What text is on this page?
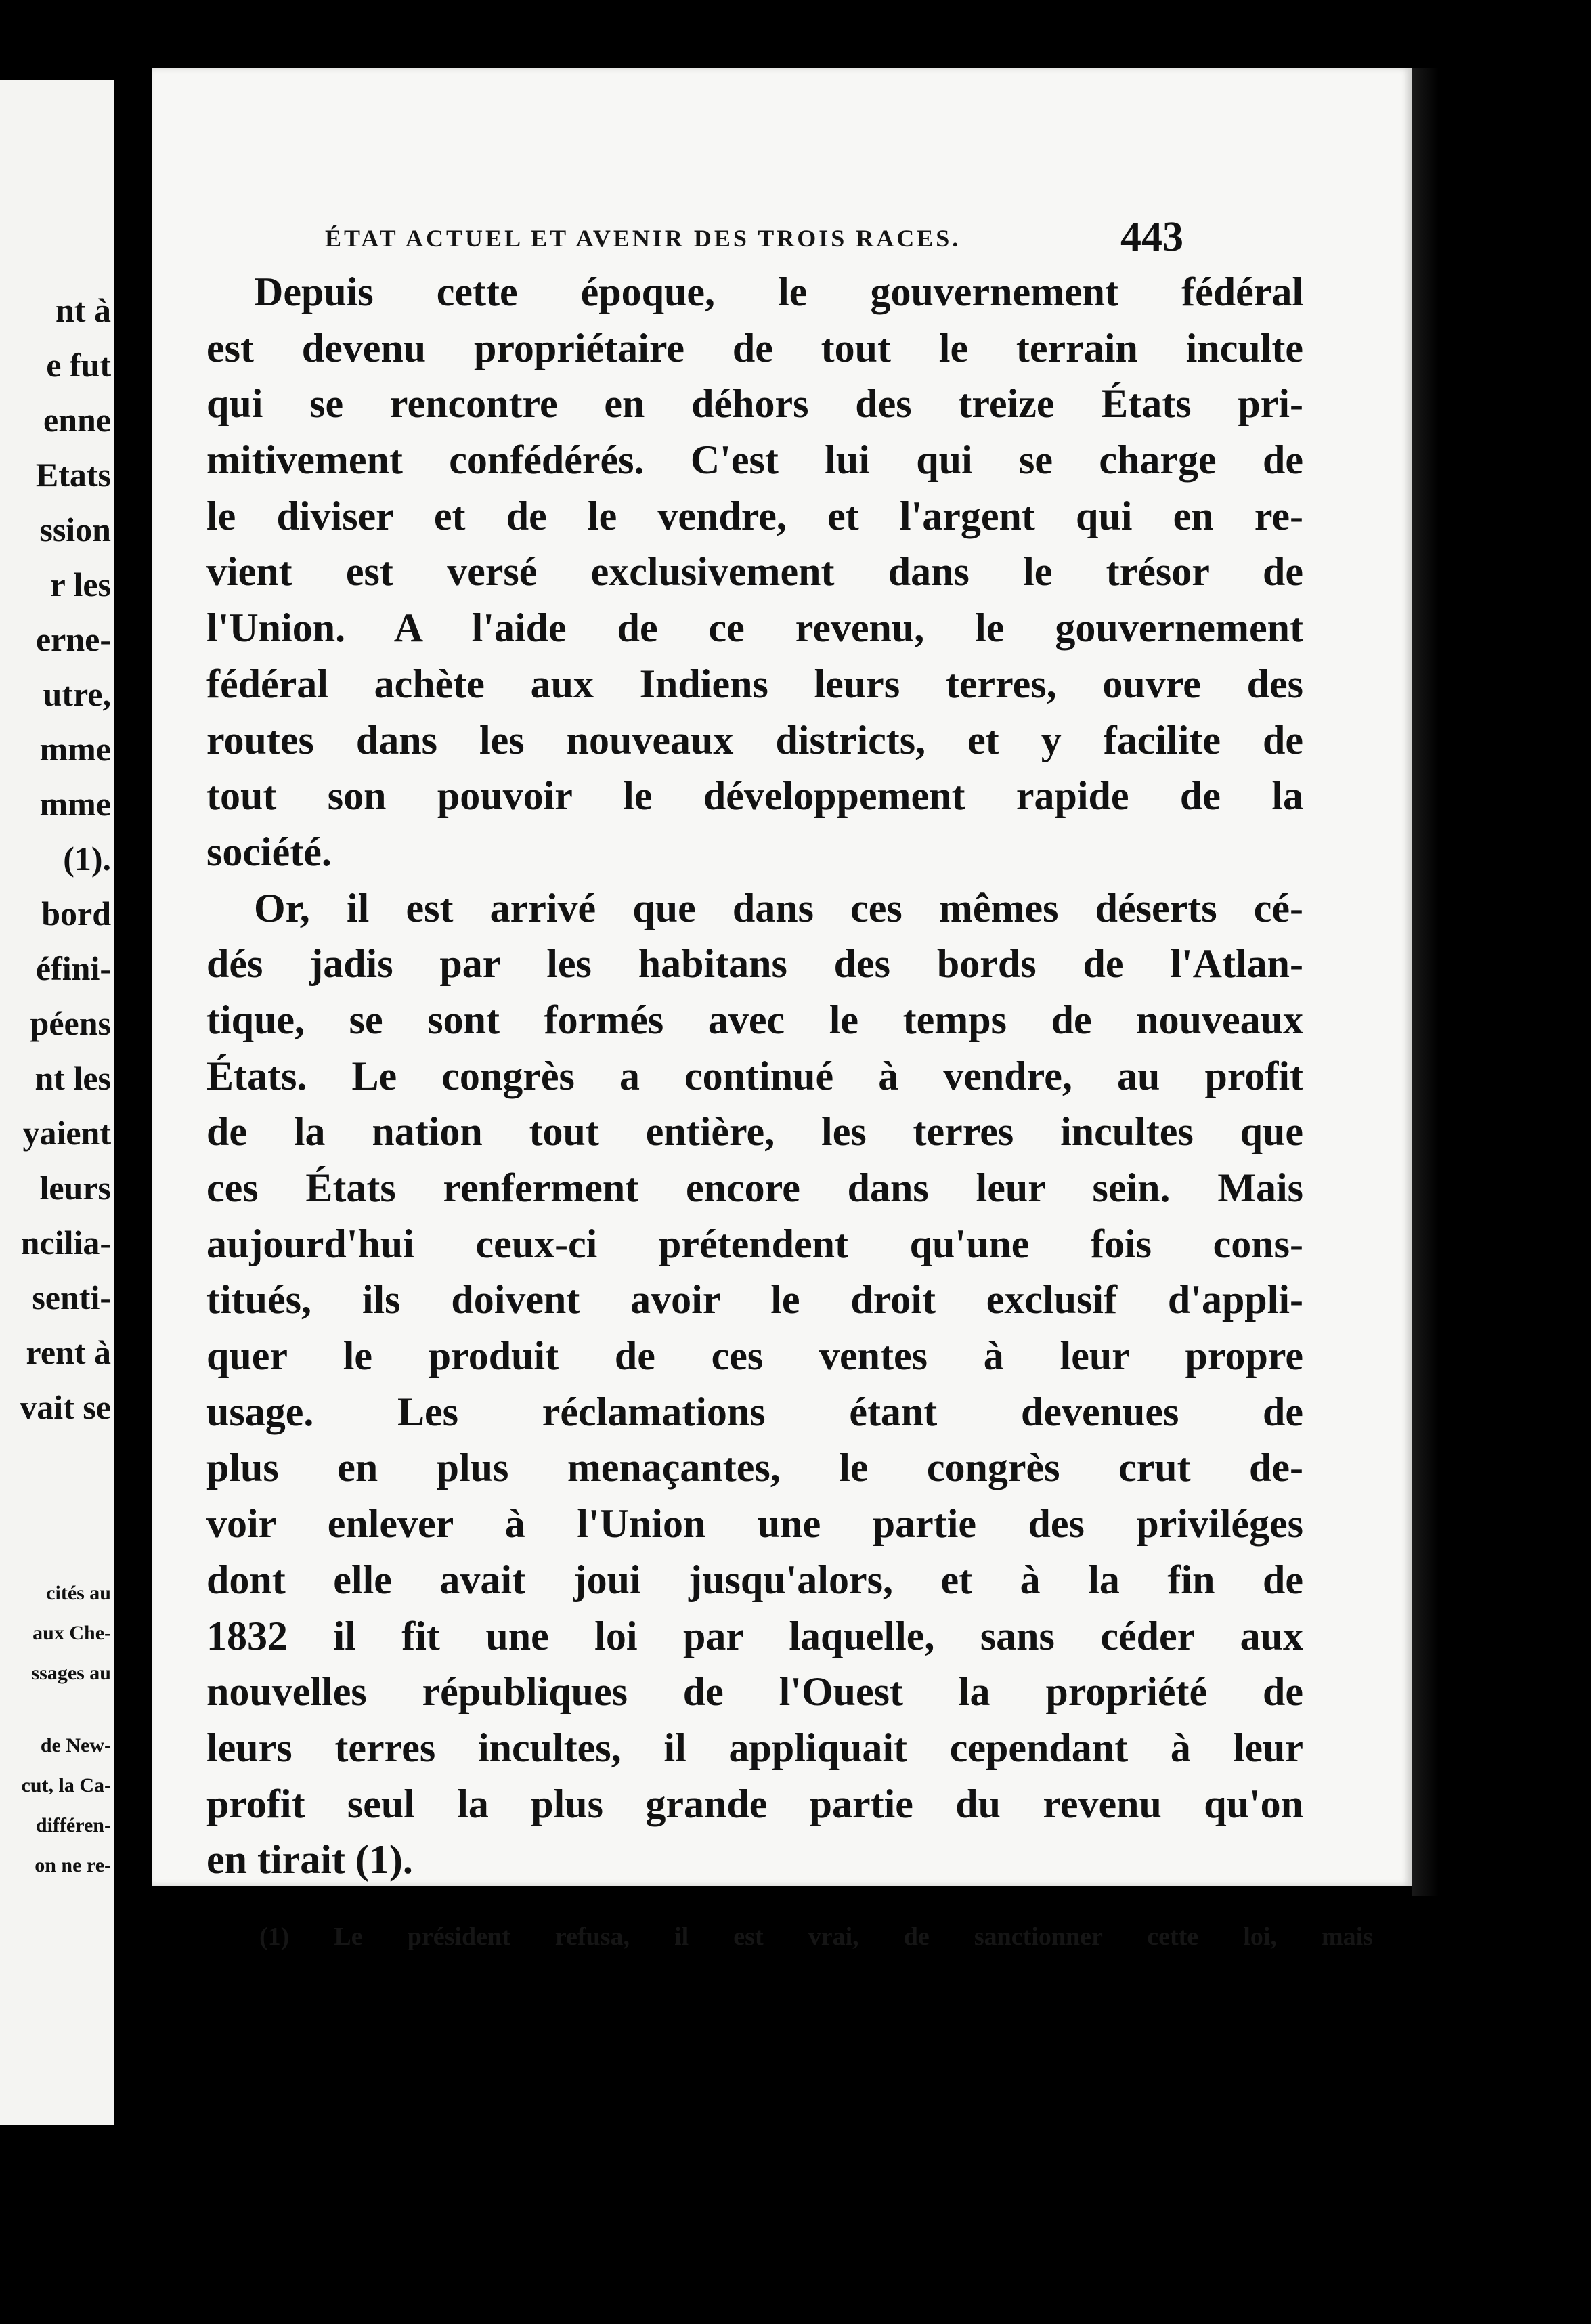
nt à
e fut
enne
Etats
ssion
r les
erne-
utre,
mme
mme
(1).
bord
éfini-
péens
nt les
yaient
leurs
ncilia-
senti-
rent à
vait se
cités au
aux Che-
ssages au
de New-
cut, la Ca-
différen-
on ne re-
ÉTAT ACTUEL ET AVENIR DES TROIS RACES.	443
Depuis cette époque, le gouvernement fédéral
est devenu propriétaire de tout le terrain inculte
qui se rencontre en déhors des treize États pri-
mitivement confédérés. C'est lui qui se charge de
le diviser et de le vendre, et l'argent qui en re-
vient est versé exclusivement dans le trésor de
l'Union. A l'aide de ce revenu, le gouvernement
fédéral achète aux Indiens leurs terres, ouvre des
routes dans les nouveaux districts, et y facilite de
tout son pouvoir le développement rapide de la
société.
Or, il est arrivé que dans ces mêmes déserts cé-
dés jadis par les habitans des bords de l'Atlan-
tique, se sont formés avec le temps de nouveaux
États. Le congrès a continué à vendre, au profit
de la nation tout entière, les terres incultes que
ces États renferment encore dans leur sein. Mais
aujourd'hui ceux-ci prétendent qu'une fois cons-
titués, ils doivent avoir le droit exclusif d'appli-
quer le produit de ces ventes à leur propre
usage. Les réclamations étant devenues de
plus en plus menaçantes, le congrès crut de-
voir enlever à l'Union une partie des priviléges
dont elle avait joui jusqu'alors, et à la fin de
1832 il fit une loi par laquelle, sans céder aux
nouvelles républiques de l'Ouest la propriété de
leurs terres incultes, il appliquait cependant à leur
profit seul la plus grande partie du revenu qu'on
en tirait (1).
(1) Le président refusa, il est vrai, de sanctionner cette loi, mais
